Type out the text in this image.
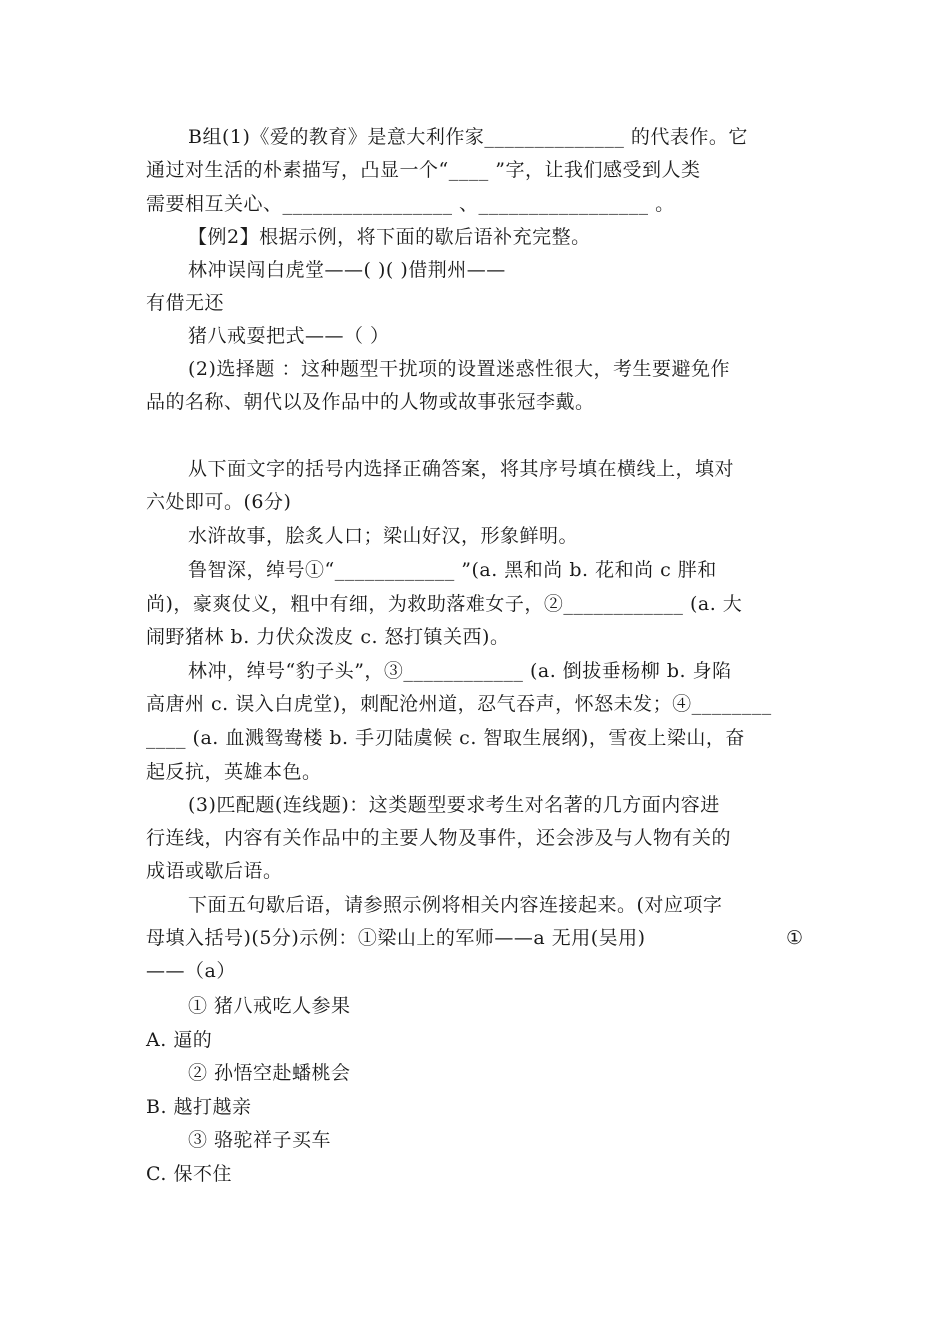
B组(1)《爱的教育》是意大利作家______________ 的代表作。它
通过对生活的朴素描写，凸显一个“____ ”字，让我们感受到人类
需要相互关心、_________________ 、_________________ 。
【例2】根据示例，将下面的歇后语补充完整。
林冲误闯白虎堂——( )( )借荆州——
有借无还
猪八戒耍把式——（ ）
(2)选择题 ：这种题型干扰项的设置迷惑性很大，考生要避免作
品的名称、朝代以及作品中的人物或故事张冠李戴。
从下面文字的括号内选择正确答案，将其序号填在横线上，填对
六处即可。(6分)
水浒故事，脍炙人口；梁山好汉，形象鲜明。
鲁智深，绰号①“____________ ”(a. 黑和尚 b. 花和尚 c 胖和
尚)，豪爽仗义，粗中有细，为救助落难女子，②____________ (a. 大
闹野猪林 b. 力伏众泼皮 c. 怒打镇关西)。
林冲，绰号“豹子头”，③____________ (a. 倒拔垂杨柳 b. 身陷
高唐州 c. 误入白虎堂)，刺配沧州道，忍气吞声，怀怒未发；④________
____ (a. 血溅鸳鸯楼 b. 手刃陆虞候 c. 智取生展纲)，雪夜上梁山，奋
起反抗，英雄本色。
(3)匹配题(连线题)：这类题型要求考生对名著的几方面内容进
行连线，内容有关作品中的主要人物及事件，还会涉及与人物有关的
成语或歇后语。
下面五句歇后语，请参照示例将相关内容连接起来。(对应项字
母填入括号)(5分)示例：①梁山上的军师——a 无用(吴用)	①
——（a）
① 猪八戒吃人参果
A. 逼的
② 孙悟空赴蟠桃会
B. 越打越亲
③ 骆驼祥子买车
C. 保不住
